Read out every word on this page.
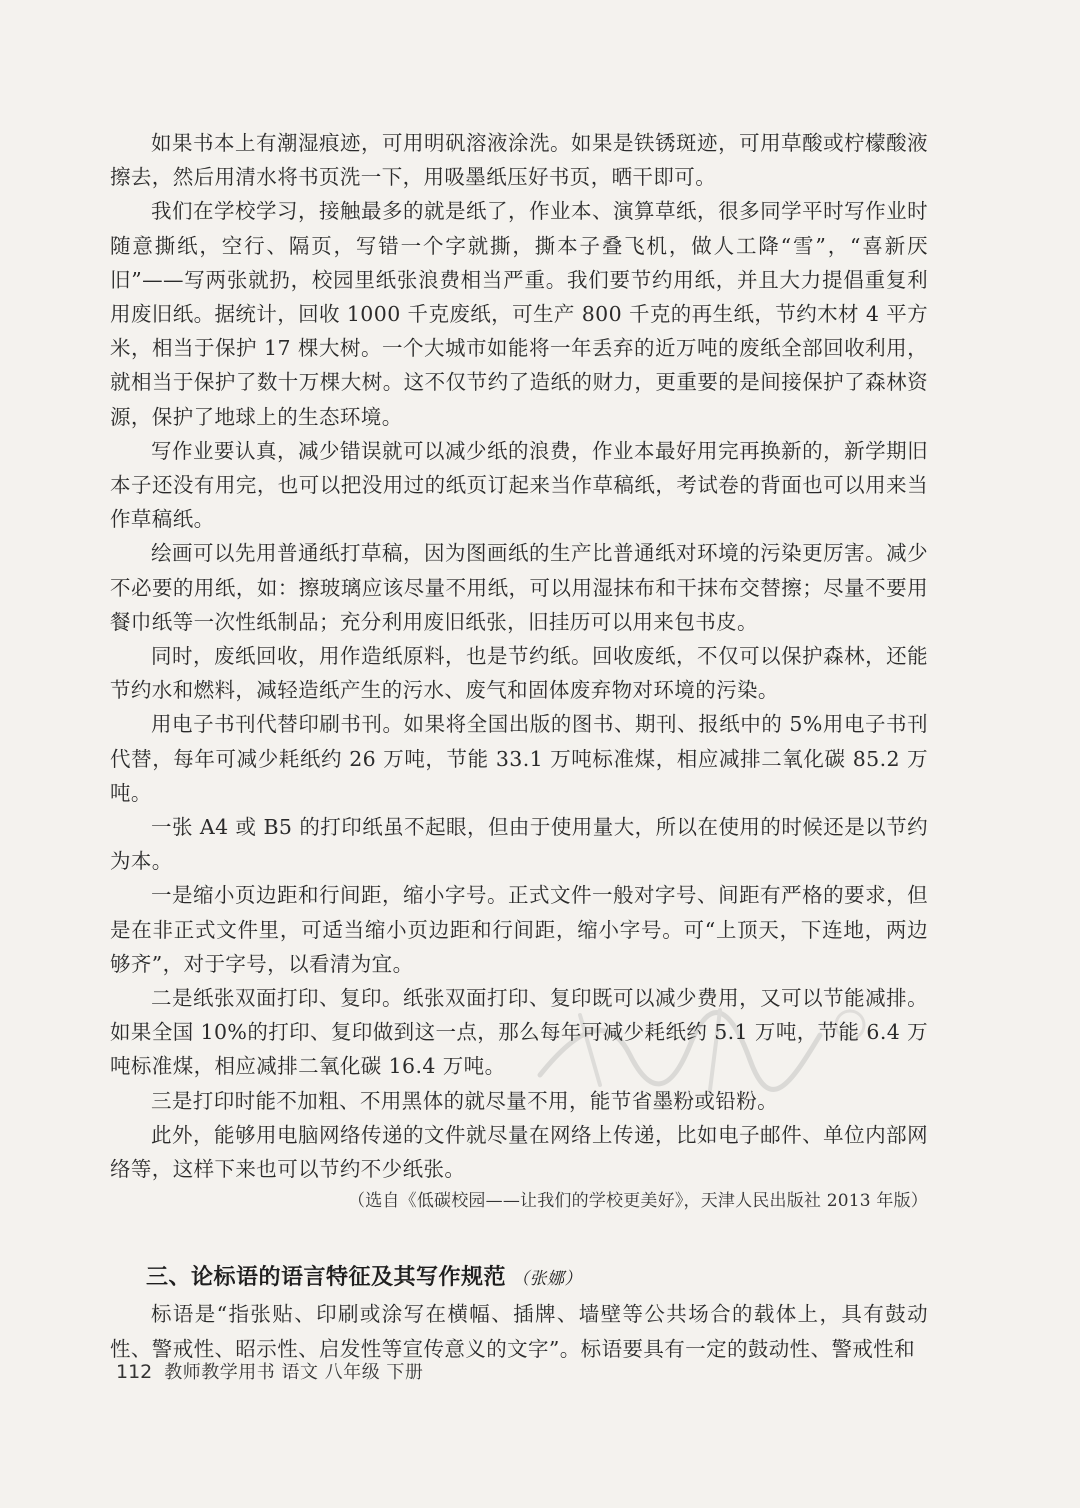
如果书本上有潮湿痕迹，可用明矾溶液涂洗。如果是铁锈斑迹，可用草酸或柠檬酸液擦去，然后用清水将书页洗一下，用吸墨纸压好书页，晒干即可。

我们在学校学习，接触最多的就是纸了，作业本、演算草纸，很多同学平时写作业时随意撕纸，空行、隔页，写错一个字就撕，撕本子叠飞机，做人工降“雪”，“喜新厌旧”——写两张就扔，校园里纸张浪费相当严重。我们要节约用纸，并且大力提倡重复利用废旧纸。据统计，回收 1000 千克废纸，可生产 800 千克的再生纸，节约木材 4 平方米，相当于保护 17 棵大树。一个大城市如能将一年丢弃的近万吨的废纸全部回收利用，就相当于保护了数十万棵大树。这不仅节约了造纸的财力，更重要的是间接保护了森林资源，保护了地球上的生态环境。

写作业要认真，减少错误就可以减少纸的浪费，作业本最好用完再换新的，新学期旧本子还没有用完，也可以把没用过的纸页订起来当作草稿纸，考试卷的背面也可以用来当作草稿纸。

绘画可以先用普通纸打草稿，因为图画纸的生产比普通纸对环境的污染更厉害。减少不必要的用纸，如：擦玻璃应该尽量不用纸，可以用湿抹布和干抹布交替擦；尽量不要用餐巾纸等一次性纸制品；充分利用废旧纸张，旧挂历可以用来包书皮。

同时，废纸回收，用作造纸原料，也是节约纸。回收废纸，不仅可以保护森林，还能节约水和燃料，减轻造纸产生的污水、废气和固体废弃物对环境的污染。

用电子书刊代替印刷书刊。如果将全国出版的图书、期刊、报纸中的 5%用电子书刊代替，每年可减少耗纸约 26 万吨，节能 33.1 万吨标准煤，相应减排二氧化碳 85.2 万吨。

一张 A4 或 B5 的打印纸虽不起眼，但由于使用量大，所以在使用的时候还是以节约为本。

一是缩小页边距和行间距，缩小字号。正式文件一般对字号、间距有严格的要求，但是在非正式文件里，可适当缩小页边距和行间距，缩小字号。可“上顶天，下连地，两边够齐”，对于字号，以看清为宜。

二是纸张双面打印、复印。纸张双面打印、复印既可以减少费用，又可以节能减排。如果全国 10%的打印、复印做到这一点，那么每年可减少耗纸约 5.1 万吨，节能 6.4 万吨标准煤，相应减排二氧化碳 16.4 万吨。

三是打印时能不加粗、不用黑体的就尽量不用，能节省墨粉或铅粉。

此外，能够用电脑网络传递的文件就尽量在网络上传递，比如电子邮件、单位内部网络等，这样下来也可以节约不少纸张。

（选自《低碳校园——让我们的学校更美好》，天津人民出版社 2013 年版）

三、论标语的语言特征及其写作规范 （张娜）

标语是“指张贴、印刷或涂写在横幅、插牌、墙壁等公共场合的载体上，具有鼓动性、警戒性、昭示性、启发性等宣传意义的文字”。标语要具有一定的鼓动性、警戒性和

112 教师教学用书 语文 八年级 下册
